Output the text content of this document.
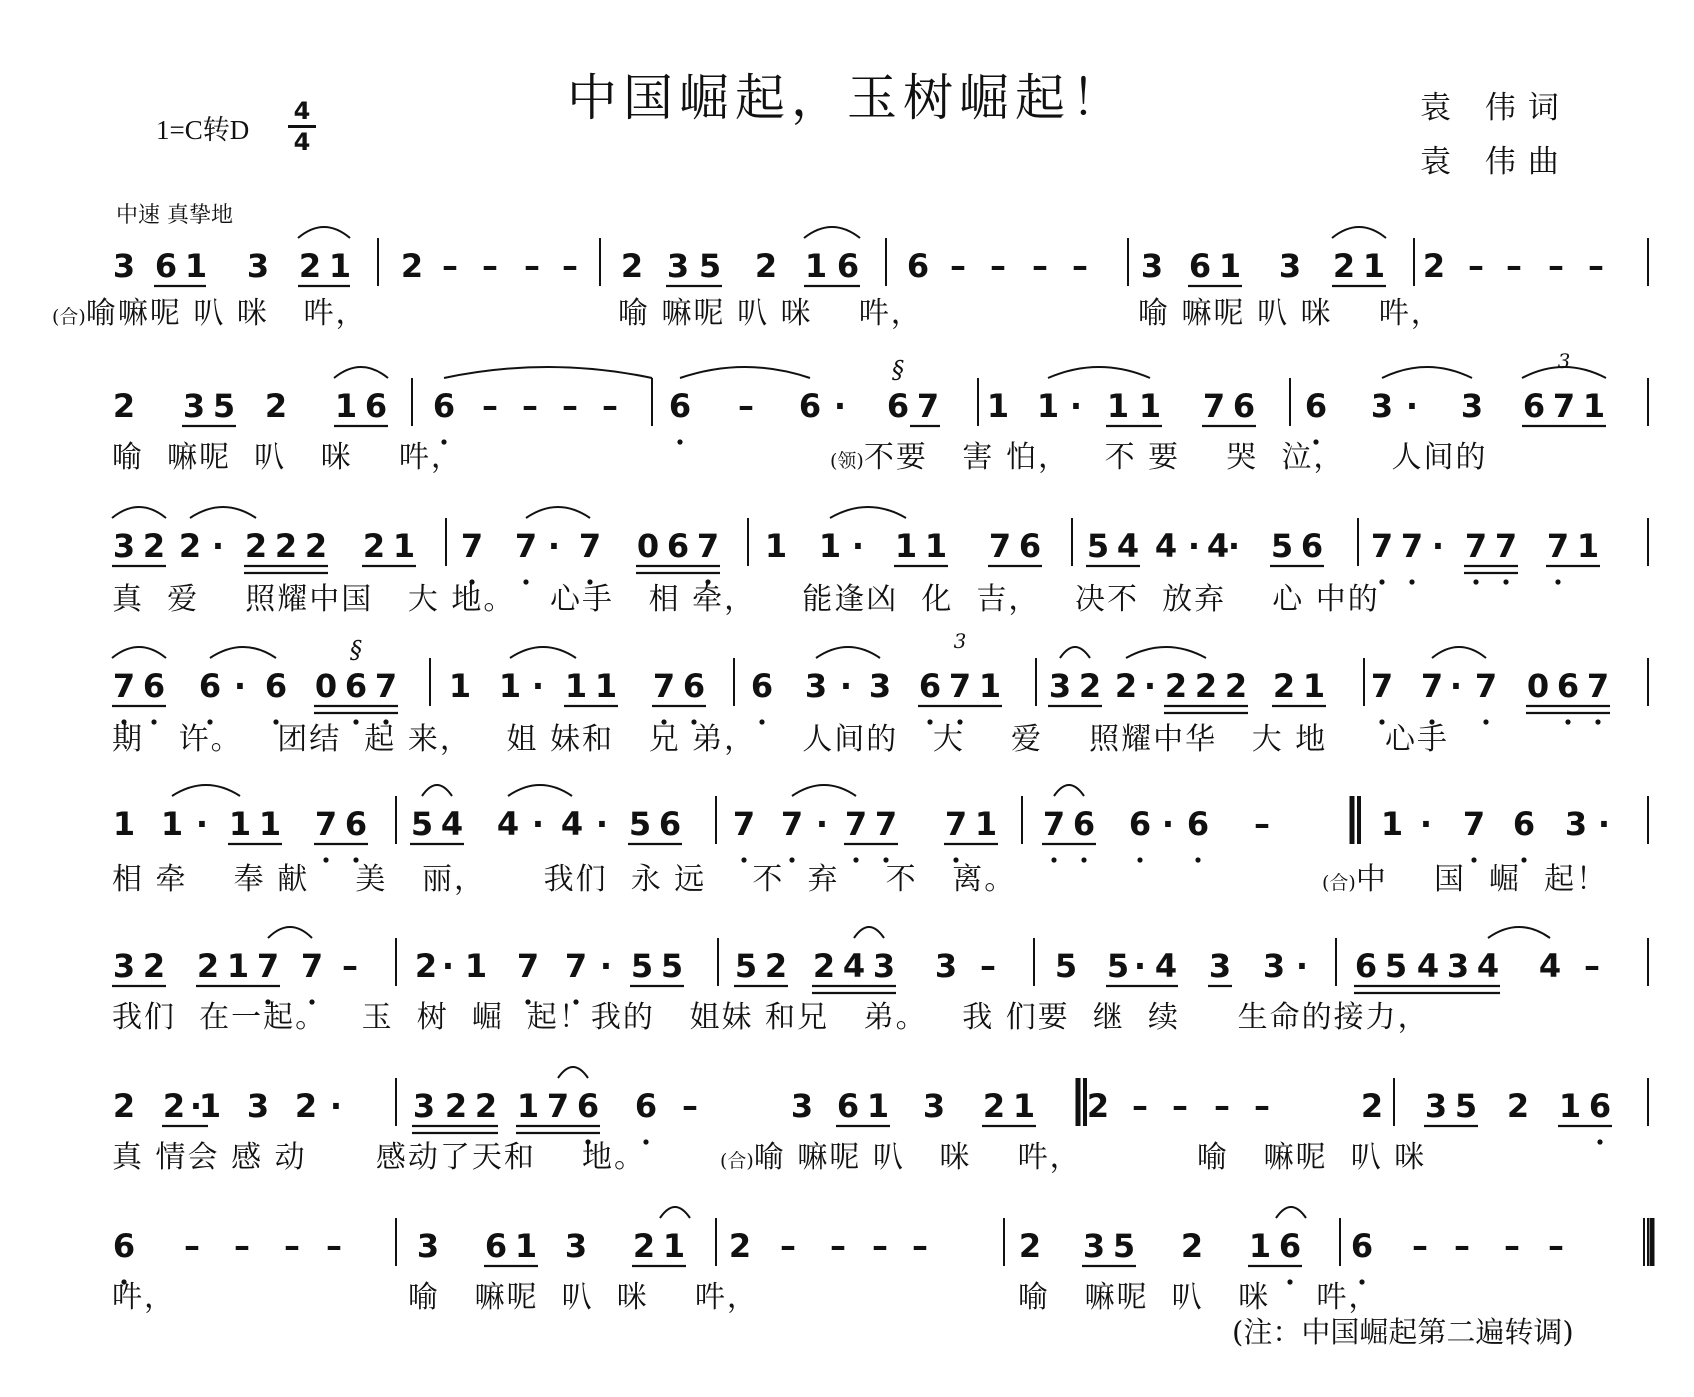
中国崛起，玉树崛起！	袁 伟词
袁 伟曲
1=C转D
4
4
中速 真挚地
3
3
§
§
3 6 1 3 2 1 2 – – – – 2 3 5 2 1 6 6 – – – – 3 6 1 3 2 1 2 – – – –
2 3 5 2 1 6 6 – – – – 6 – 6 · 6 7 1 1 · 1 1 7 6 6 3 · 3 6 7 1
3 2 2 · 2 2 2 2 1 7 7 · 7 0 6 7 1 1 · 1 1 7 6 5 4 4 · 4
· 5 6 7 7 · 7 7 7 1
7 6 6 · 6 0 6 7 1 1 · 1 1 7 6 6 3 · 3 6 7 1 3 2 2 · 2 2 2 2 1 7 7 · 7 0 6 7
1 1 · 1 1 7 6 5 4 4 · 4 · 5 6 7 7 · 7 7 7 1 7 6 6 · 6 –	1 · 7 6 3 ·
3 2 2 1 7 7 – 2 · 1 7 7 · 5 5 5 2 2 4 3 3 – 5 5 · 4 3 3 · 6 5 4 3 4 4 –
2 2 ·
1 3 2 · 3 2 2 1 7 6 6 –	3 6 1 3 2 1 2 – – – –	2 3 5 2 1 6
6 – – – – 3 6 1 3 2 1 2 – – – –	2 3 5 2 1 6 6 – – – –
(合)喻嘛呢 叭 咪   吽，	喻 嘛呢 叭 咪    吽，	喻 嘛呢 叭 咪    吽，
喻  嘛呢  叭   咪    吽，	(领)不要   害 怕，   不 要    哭  泣，    人间的
真  爱    照耀中国   大 地。   心手   相 牵，    能逢凶  化  吉，   决不  放弃    心 中的
期   许。   团结  起 来，   姐 妹和   兄 弟，    人间的   大    爱    照耀中华   大 地     心手
相 牵    奉 献    美   丽，     我们  永 远    不  弃    不   离。	(合)中    国  崛  起！
我们  在一起。   玉  树  崛  起！我的   姐妹 和兄   弟。   我 们要  继  续     生命的接力，
真 情会 感 动      感动了天和    地。	(合)喻 嘛呢 叭   咪    吽，          喻   嘛呢  叭 咪
吽，	喻   嘛呢  叭  咪    吽，	喻   嘛呢  叭   咪    吽，
(注：中国崛起第二遍转调)
